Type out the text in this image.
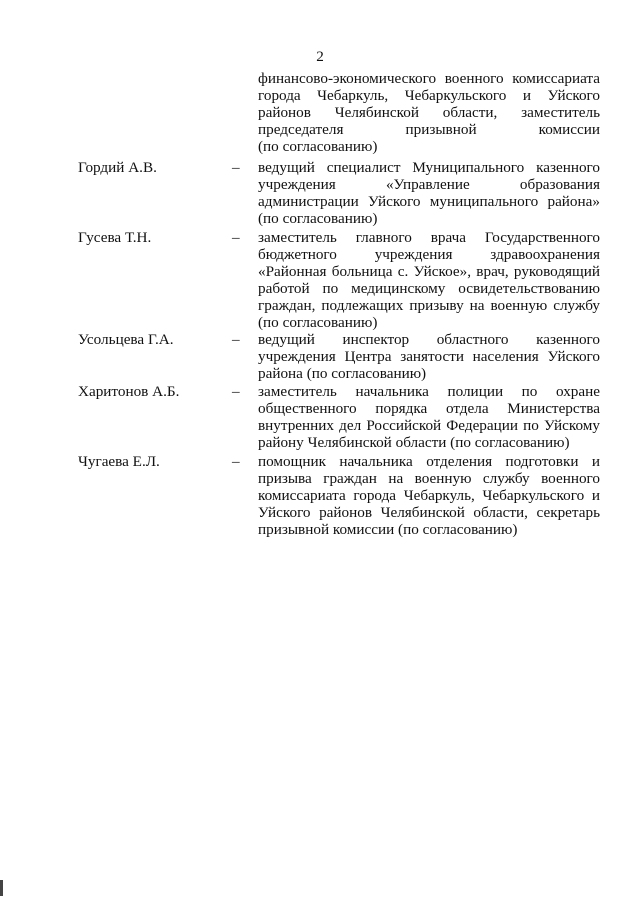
2
финансово-экономического военного комиссариата
города Чебаркуль, Чебаркульского и Уйского
районов Челябинской области, заместитель
председателя призывной комиссии
(по согласованию)
Гордий А.В.	– ведущий специалист Муниципального казенного
учреждения «Управление образования
администрации Уйского муниципального района»
(по согласованию)
Гусева Т.Н.	– заместитель главного врача Государственного
бюджетного учреждения здравоохранения
«Районная больница с. Уйское», врач, руководящий
работой по медицинскому освидетельствованию
граждан, подлежащих призыву на военную службу
(по согласованию)
Усольцева Г.А.	– ведущий инспектор областного казенного
учреждения Центра занятости населения Уйского
района (по согласованию)
Харитонов А.Б.	– заместитель начальника полиции по охране
общественного порядка отдела Министерства
внутренних дел Российской Федерации по Уйскому
району Челябинской области (по согласованию)
Чугаева Е.Л.	– помощник начальника отделения подготовки и
призыва граждан на военную службу военного
комиссариата города Чебаркуль, Чебаркульского и
Уйского районов Челябинской области, секретарь
призывной комиссии (по согласованию)
